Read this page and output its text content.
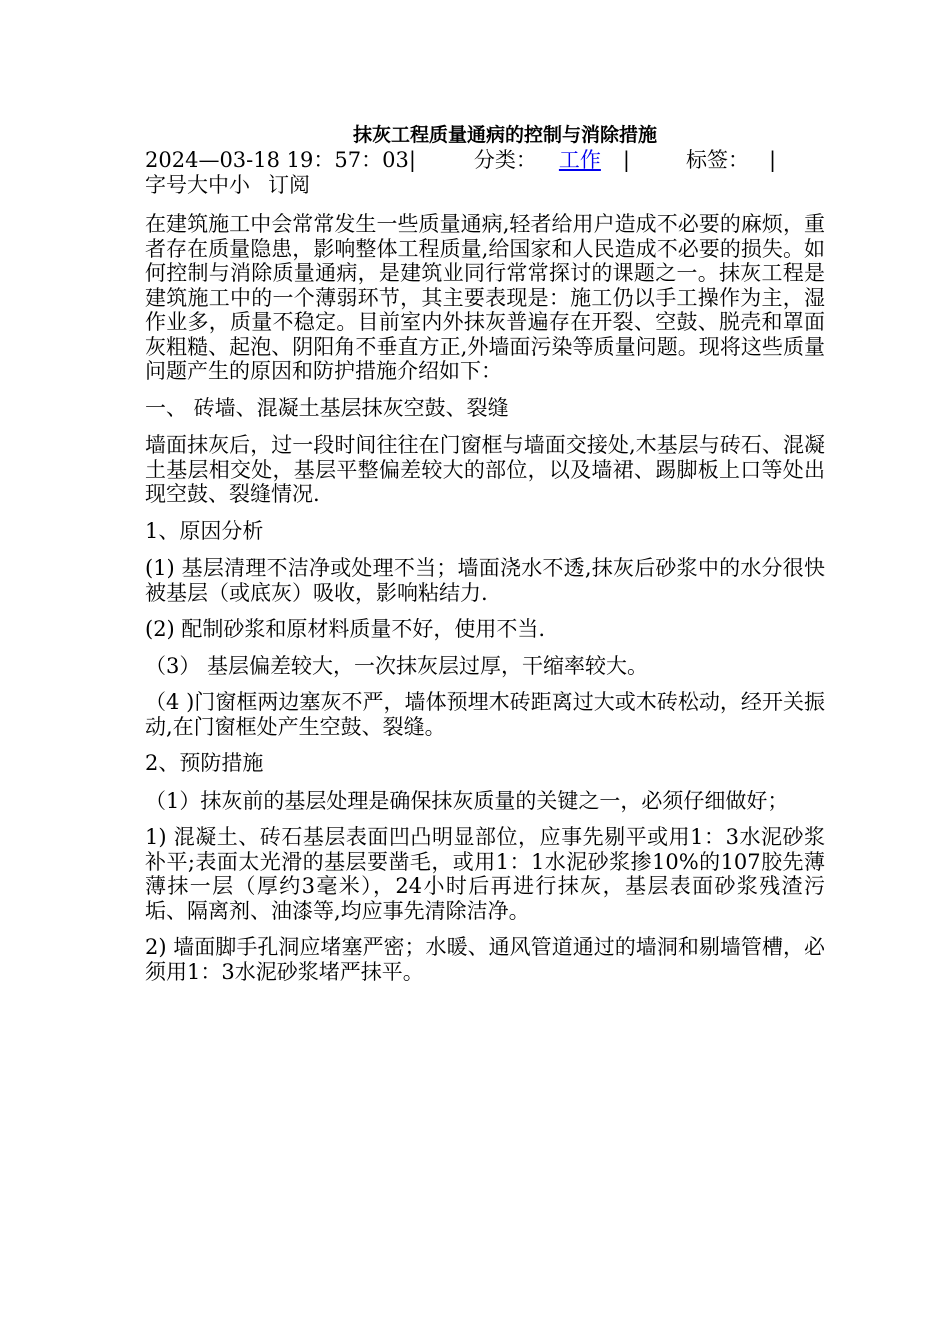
抹灰工程质量通病的控制与消除措施
2024—03-18 19：57：03|	分类： 工作 |	标签： |
字号大中小 订阅

在建筑施工中会常常发生一些质量通病,轻者给用户造成不必要的麻烦，重者存在质量隐患，影响整体工程质量,给国家和人民造成不必要的损失。如何控制与消除质量通病，是建筑业同行常常探讨的课题之一。抹灰工程是建筑施工中的一个薄弱环节，其主要表现是：施工仍以手工操作为主，湿作业多，质量不稳定。目前室内外抹灰普遍存在开裂、空鼓、脱壳和罩面灰粗糙、起泡、阴阳角不垂直方正,外墙面污染等质量问题。现将这些质量问题产生的原因和防护措施介绍如下：

一、 砖墙、混凝土基层抹灰空鼓、裂缝

墙面抹灰后，过一段时间往往在门窗框与墙面交接处,木基层与砖石、混凝土基层相交处，基层平整偏差较大的部位，以及墙裙、踢脚板上口等处出现空鼓、裂缝情况.

1、原因分析

(1) 基层清理不洁净或处理不当；墙面浇水不透,抹灰后砂浆中的水分很快被基层（或底灰）吸收，影响粘结力.

(2) 配制砂浆和原材料质量不好，使用不当.

（3） 基层偏差较大，一次抹灰层过厚，干缩率较大。

（4 )门窗框两边塞灰不严，墙体预埋木砖距离过大或木砖松动，经开关振动,在门窗框处产生空鼓、裂缝。

2、预防措施

（1）抹灰前的基层处理是确保抹灰质量的关键之一，必须仔细做好；

1) 混凝土、砖石基层表面凹凸明显部位，应事先剔平或用1：3水泥砂浆补平;表面太光滑的基层要凿毛，或用1：1水泥砂浆掺10%的107胶先薄薄抹一层（厚约3毫米），24小时后再进行抹灰，基层表面砂浆残渣污垢、隔离剂、油漆等,均应事先清除洁净。

2) 墙面脚手孔洞应堵塞严密；水暖、通风管道通过的墙洞和剔墙管槽，必须用1：3水泥砂浆堵严抹平。
